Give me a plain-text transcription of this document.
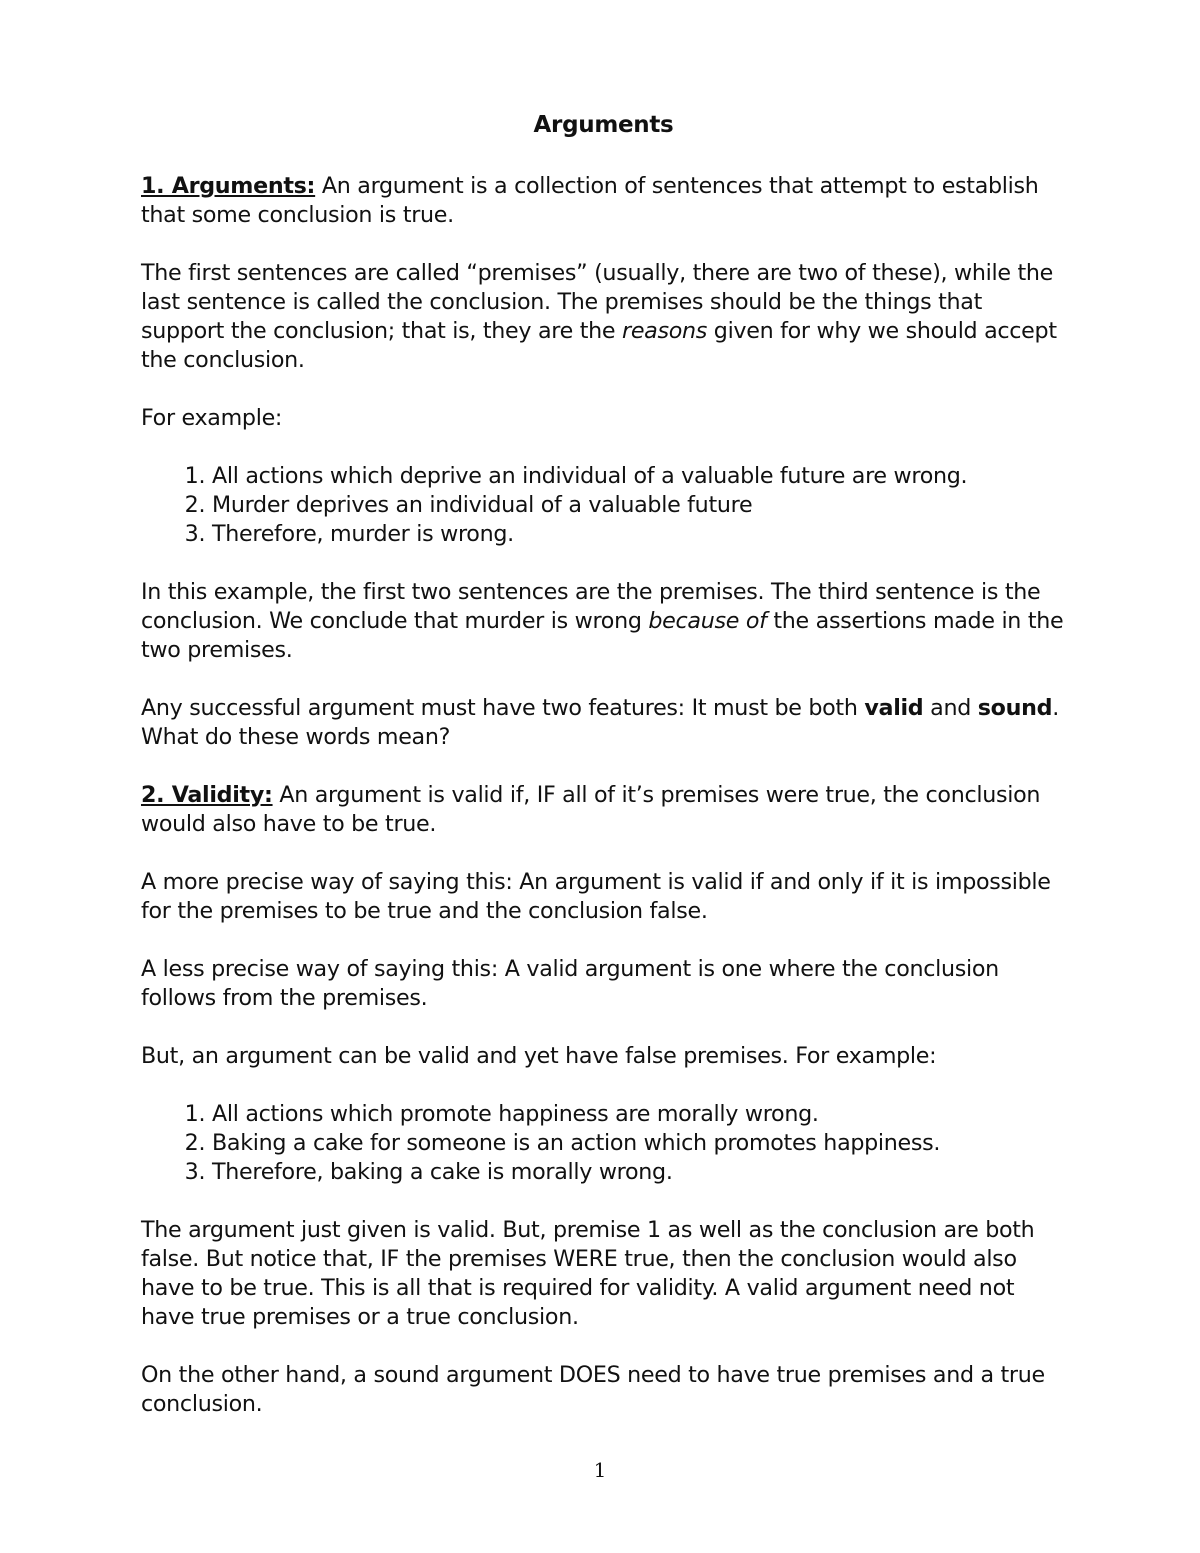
Arguments

1. Arguments: An argument is a collection of sentences that attempt to establish that some conclusion is true.

The first sentences are called “premises” (usually, there are two of these), while the last sentence is called the conclusion. The premises should be the things that support the conclusion; that is, they are the reasons given for why we should accept the conclusion.

For example:

1. All actions which deprive an individual of a valuable future are wrong.
2. Murder deprives an individual of a valuable future
3. Therefore, murder is wrong.

In this example, the first two sentences are the premises. The third sentence is the conclusion. We conclude that murder is wrong because of the assertions made in the two premises.

Any successful argument must have two features: It must be both valid and sound. What do these words mean?

2. Validity: An argument is valid if, IF all of it’s premises were true, the conclusion would also have to be true.

A more precise way of saying this: An argument is valid if and only if it is impossible for the premises to be true and the conclusion false.

A less precise way of saying this: A valid argument is one where the conclusion follows from the premises.

But, an argument can be valid and yet have false premises. For example:

1. All actions which promote happiness are morally wrong.
2. Baking a cake for someone is an action which promotes happiness.
3. Therefore, baking a cake is morally wrong.

The argument just given is valid. But, premise 1 as well as the conclusion are both false. But notice that, IF the premises WERE true, then the conclusion would also have to be true. This is all that is required for validity. A valid argument need not have true premises or a true conclusion.

On the other hand, a sound argument DOES need to have true premises and a true conclusion.

1
